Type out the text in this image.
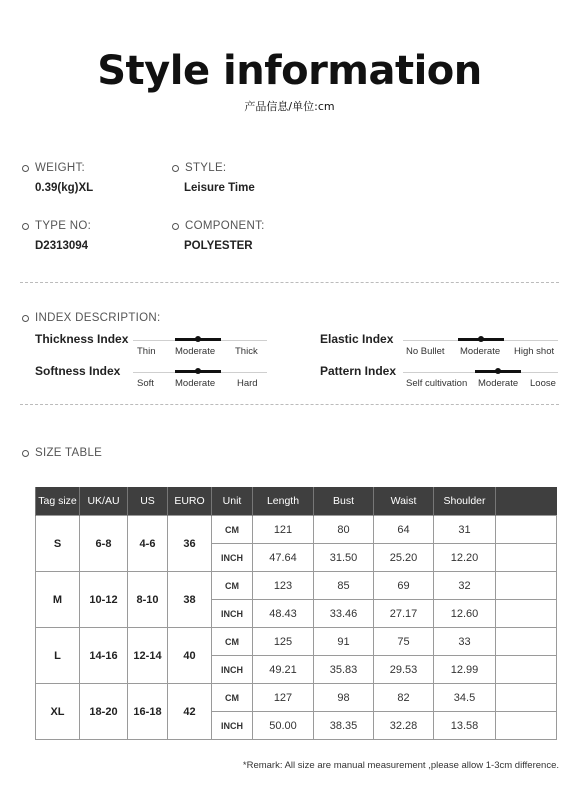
Style information
产品信息/单位:cm
WEIGHT:
0.39(kg)XL
STYLE:
Leisure Time
TYPE NO:
D2313094
COMPONENT:
POLYESTER
INDEX DESCRIPTION:
Thickness Index
Thin Moderate Thick
Elastic Index
No Bullet Moderate High shot
Softness Index
Soft Moderate Hard
Pattern Index
Self cultivation Moderate Loose
SIZE TABLE
Tag size	UK/AU	US	EURO	Unit	Length	Bust	Waist	Shoulder	
S	6-8	4-6	36	CM	121	80	64	31	
				INCH	47.64	31.50	25.20	12.20	
M	10-12	8-10	38	CM	123	85	69	32	
				INCH	48.43	33.46	27.17	12.60	
L	14-16	12-14	40	CM	125	91	75	33	
				INCH	49.21	35.83	29.53	12.99	
XL	18-20	16-18	42	CM	127	98	82	34.5	
				INCH	50.00	38.35	32.28	13.58	
*Remark: All size are manual measurement ,please allow 1-3cm difference.
